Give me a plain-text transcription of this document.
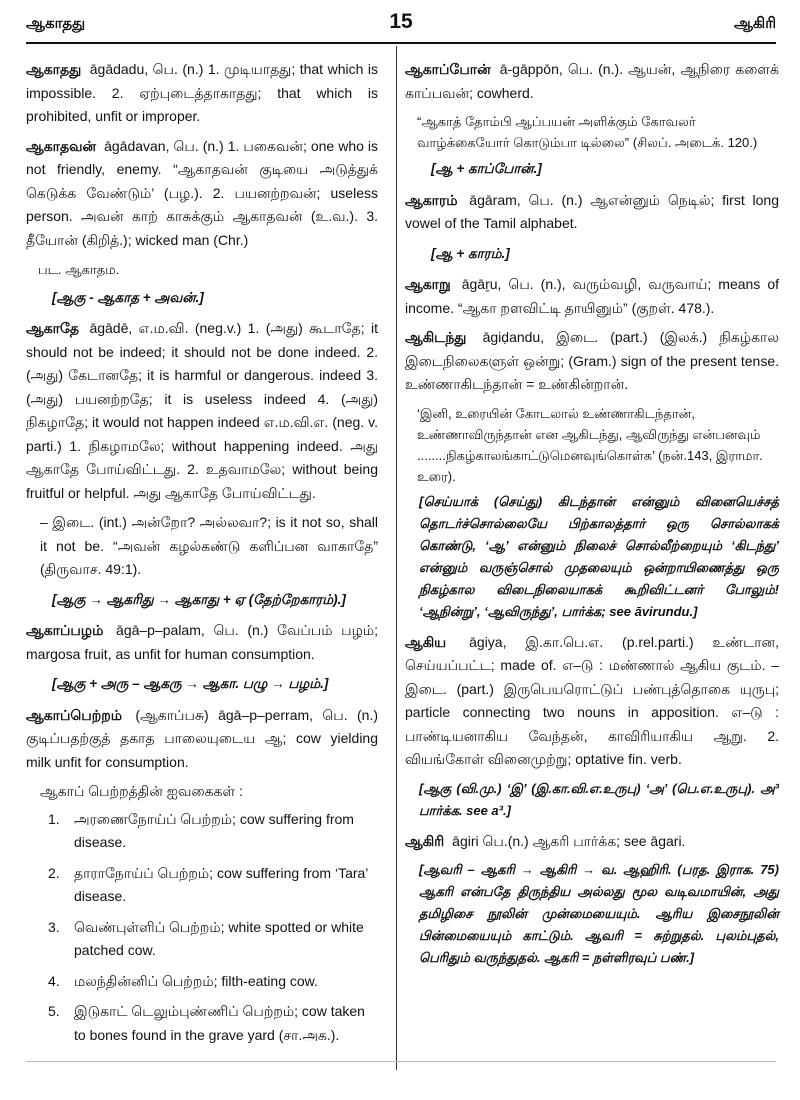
ஆகாதது	15	ஆகிரி
ஆகாதது āgādadu, பெ. (n.) 1. முடியாதது; that which is impossible. 2. ஏற்புடைத்தாகாதது; that which is prohibited, unfit or improper.
ஆகாதவன் āgādavan, பெ. (n.) 1. பகைவன்; one who is not friendly, enemy. “ஆகாதவன் குடியை அடுத்துக் கெடுக்க வேண்டும்’ (பழ.). 2. பயனற்றவன்; useless person. அவன் காற் காசுக்கும் ஆகாதவன் (உ.வ.). 3. தீயோன் (கிறித்.); wicked man (Chr.)
பட. ஆகாதம.
[ஆகு - ஆகாத + அவன்.]
ஆகாதே āgādē, எ.ம.வி. (neg.v.) 1. (அது) கூடாதே; it should not be indeed; it should not be done indeed. 2. (அது) கேடானதே; it is harmful or dangerous. indeed 3. (அது) பயனற்றதே; it is useless indeed 4. (அது) நிகழாதே; it would not happen indeed எ.ம.வி.எ. (neg. v. parti.) 1. நிகழாமலே; without happening indeed. அது ஆகாதே போய்விட்டது. 2. உதவாமலே; without being fruitful or helpful. அது ஆகாதே போய்விட்டது.
– இடை. (int.) அன்றோ? அல்லவா?; is it not so, shall it not be. “அவன் கழல்கண்டு களிப்பன வாகாதே” (திருவாச. 49:1).
[ஆகு → ஆகரிது → ஆகாது + ஏ (தேற்றேகாரம்).]
ஆகாப்பழம் āgā–p–palam, பெ. (n.) வேப்பம் பழம்; margosa fruit, as unfit for human consumption.
[ஆகு + அரு – ஆகரு → ஆகா. பழு → பழம்.]
ஆகாப்பெற்றம் (ஆகாப்பசு) āgā–p–perram, பெ. (n.) குடிப்பதற்குத் தகாத பாலையுடைய ஆ; cow yielding milk unfit for consumption.
ஆகாப் பெற்றத்தின் ஐவகைகள் :
1. அரணைநோய்ப் பெற்றம்; cow suffering from disease.
2. தாராநோய்ப் பெற்றம்; cow suffering from ‘Tara’ disease.
3. வெண்புள்ளிப் பெற்றம்; white spotted or white patched cow.
4. மலந்தின்னிப் பெற்றம்; filth-eating cow.
5. இடுகாட் டெலும்புண்ணிப் பெற்றம்; cow taken to bones found in the grave yard (சா.அக.).
ஆகாப்போன் ā-gāppōn, பெ. (n.). ஆயன், ஆநிரை களைக் காப்பவன்; cowherd.
“ஆகாத் தோம்பி ஆப்பயன் அளிக்கும் கோவலர் வாழ்க்கையோர் கொடும்பா டில்லை” (சிலப். அடைக். 120.)
[ஆ + காப்போன்.]
ஆகாரம் āgāram, பெ. (n.) ஆஎன்னும் நெடில்; first long vowel of the Tamil alphabet.
[ஆ + காரம்.]
ஆகாறு āgāṟu, பெ. (n.), வரும்வழி, வருவாய்; means of income. “ஆகா றளவிட்டி தாயினும்” (குறள். 478.).
ஆகிடந்து āgiḍandu, இடை. (part.) (இலக்.) நிகழ்கால இடைநிலைகளுள் ஒன்று; (Gram.) sign of the present tense. உண்ணாகிடந்தான் = உண்கின்றான்.
‘இனி, உரையின் கோடலால் உண்ணாகிடந்தான், உண்ணாவிருந்தான் என ஆகிடந்து, ஆவிருந்து என்பனவும் ........நிகழ்காலங்காட்டுமெனவுங்கொள்க’ (நன்.143, இராமா. உரை).
[செய்யாக் (செய்து) கிடந்தான் என்னும் வினையெச்சத் தொடர்ச்சொல்லையே பிற்காலத்தார் ஒரு சொல்லாகக் கொண்டு, ‘ஆ’ என்னும் நிலைச் சொல்லீற்றையும் ‘கிடந்து’ என்னும் வருஞ்சொல் முதலையும் ஒன்றாயிணைத்து ஒரு நிகழ்கால விடைநிலையாகக் கூறிவிட்டனர் போலும்! ‘ஆநின்று’, ‘ஆவிருந்து’, பார்க்க; see āvirundu.]
ஆகிய āgiya, இ.கா.பெ.எ. (p.rel.parti.) உண்டான, செய்யப்பட்ட; made of. எ–டு : மண்ணால் ஆகிய குடம். – இடை. (part.) இருபெயரொட்டுப் பண்புத்தொகை யுருபு; particle connecting two nouns in apposition. எ–டு : பாண்டியனாகிய வேந்தன், காவிரியாகிய ஆறு. 2. வியங்கோள் வினைமுற்று; optative fin. verb.
[ஆகு (வி.மு.) ‘இ’ (இ.கா.வி.எ.உருபு) ‘அ’ (பெ.எ.உருபு). அ³ பார்க்க. see a³.]
ஆகிரி āgiri பெ.(n.) ஆகரி பார்க்க; see āgari.
[ஆவரி – ஆகரி → ஆகிரி → வ. ஆஹிரி. (பரத. இராக. 75) ஆகரி என்பதே திருந்திய அல்லது மூல வடிவமாயின், அது தமிழிசை நூலின் முன்மையையும். ஆரிய இசைநூலின் பின்மையையும் காட்டும். ஆவரி = சுற்றுதல். புலம்புதல், பெரிதும் வருந்துதல். ஆகரி = நள்ளிரவுப் பண்.]
